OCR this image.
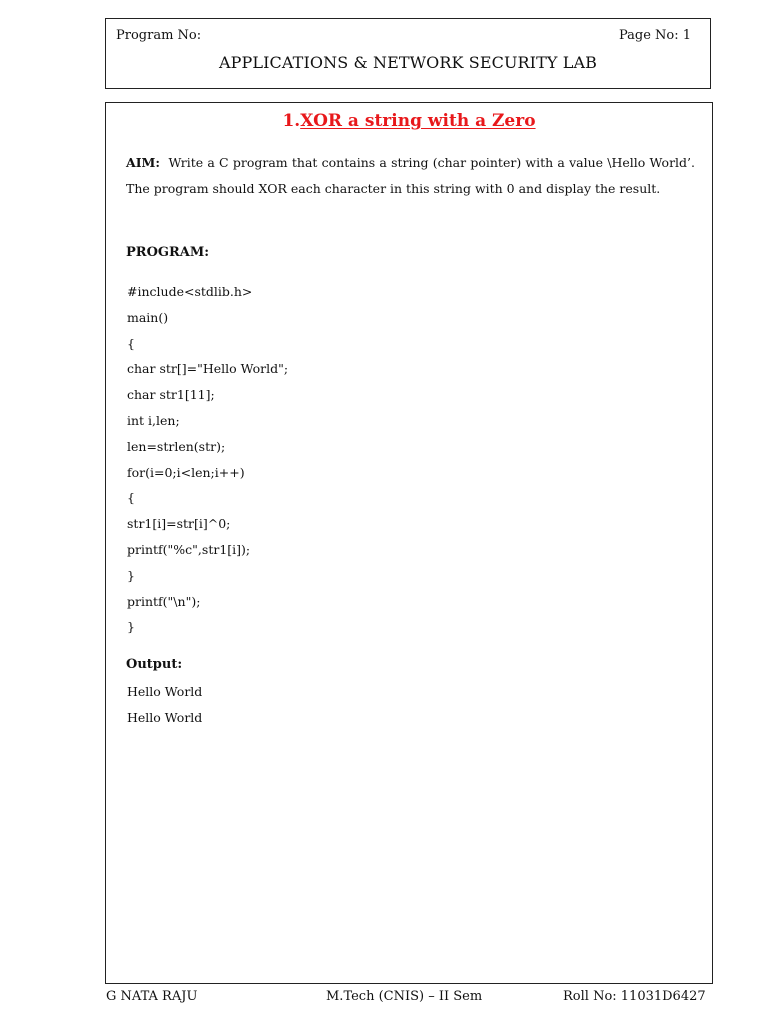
Program No:	Page No: 1
APPLICATIONS & NETWORK SECURITY LAB
1.XOR a string with a Zero
AIM: Write a C program that contains a string (char pointer) with a value \Hello World’. The program should XOR each character in this string with 0 and display the result.
PROGRAM:
#include<stdlib.h>
main()
{
char str[]="Hello World";
char str1[11];
int i,len;
len=strlen(str);
for(i=0;i<len;i++)
{
str1[i]=str[i]^0;
printf("%c",str1[i]);
}
printf("\n");
}
Output:
Hello World
Hello World
G NATA RAJU	M.Tech (CNIS) – II Sem	Roll No: 11031D6427
